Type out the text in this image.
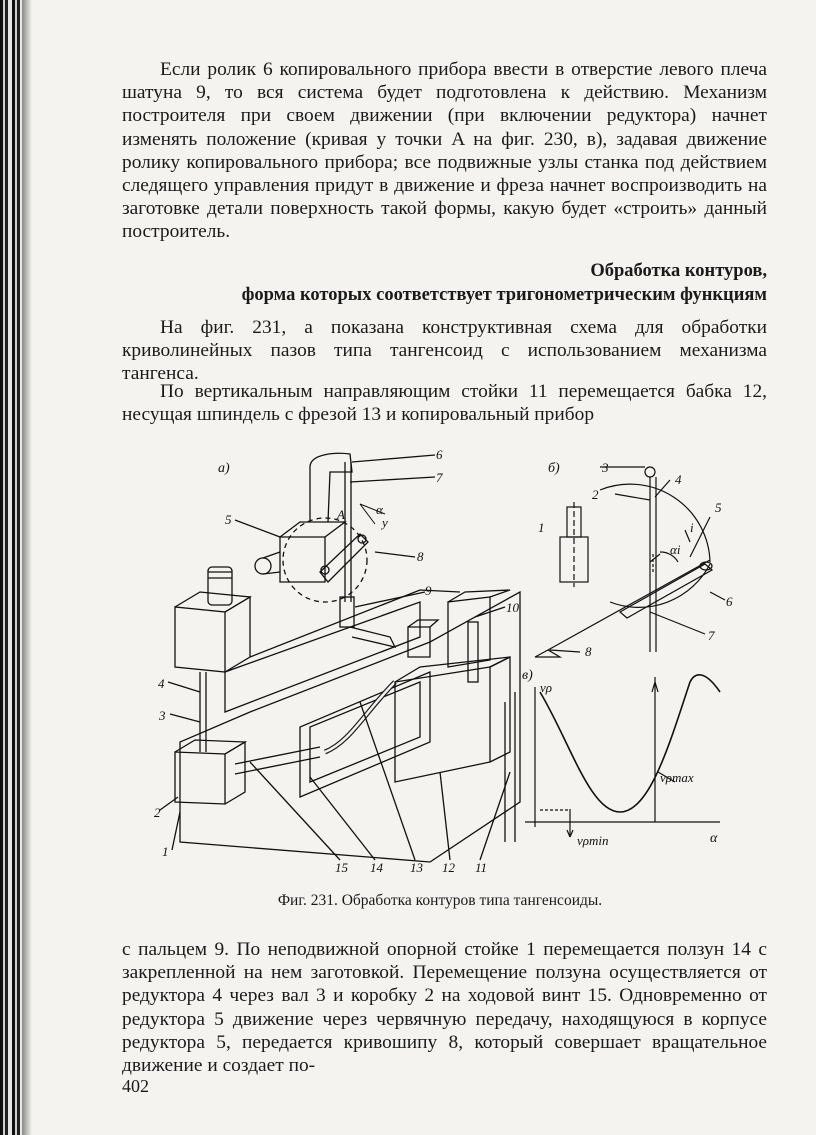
Если ролик 6 копировального прибора ввести в отверстие левого плеча шатуна 9, то вся система будет подготовлена к действию. Механизм построителя при своем движении (при включении редуктора) начнет изменять положение (кривая y точки A на фиг. 230, в), задавая движение ролику копировального прибора; все подвижные узлы станка под действием следящего управления придут в движение и фреза начнет воспроизводить на заготовке детали поверхность такой формы, какую будет «строить» данный построитель.

Обработка контуров,
форма которых соответствует тригонометрическим функциям

На фиг. 231, а показана конструктивная схема для обработки криволинейных пазов типа тангенсоид с использованием механизма тангенса.

По вертикальным направляющим стойки 11 перемещается бабка 12, несущая шпиндель с фрезой 13 и копировальный прибор

a)
6
7
5	A α
y
8
9
10
4
3
2
1
15 14 13 12 11
б)	3
4
2
1
5
i
αi
6
7
8
в)
vρ
vρmax
vρmin	α
Фиг. 231. Обработка контуров типа тангенсоиды.

с пальцем 9. По неподвижной опорной стойке 1 перемещается ползун 14 с закрепленной на нем заготовкой. Перемещение ползуна осуществляется от редуктора 4 через вал 3 и коробку 2 на ходовой винт 15. Одновременно от редуктора 5 движение через червячную передачу, находящуюся в корпусе редуктора 5, передается кривошипу 8, который совершает вращательное движение и создает по-

402
